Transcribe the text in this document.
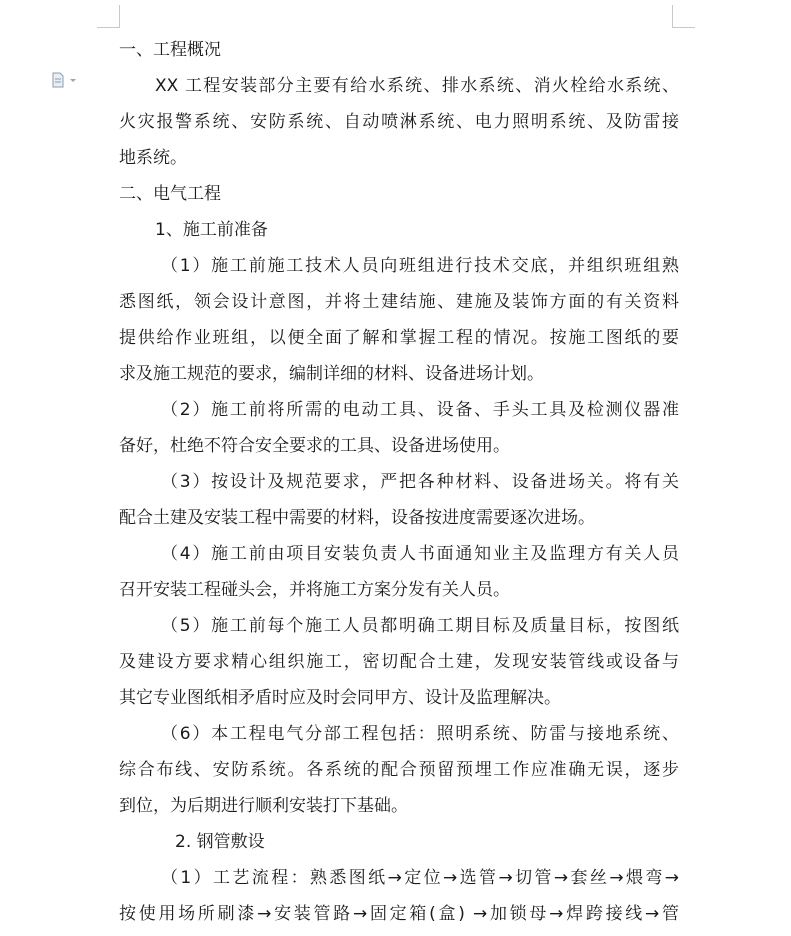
一、工程概况
XX 工程安装部分主要有给水系统、排水系统、消火栓给水系统、
火灾报警系统、安防系统、自动喷淋系统、电力照明系统、及防雷接
地系统。
二、电气工程
1、施工前准备
（1）施工前施工技术人员向班组进行技术交底，并组织班组熟
悉图纸，领会设计意图，并将土建结施、建施及装饰方面的有关资料
提供给作业班组，以便全面了解和掌握工程的情况。按施工图纸的要
求及施工规范的要求，编制详细的材料、设备进场计划。
（2）施工前将所需的电动工具、设备、手头工具及检测仪器准
备好，杜绝不符合安全要求的工具、设备进场使用。
（3）按设计及规范要求，严把各种材料、设备进场关。将有关
配合土建及安装工程中需要的材料，设备按进度需要逐次进场。
（4）施工前由项目安装负责人书面通知业主及监理方有关人员
召开安装工程碰头会，并将施工方案分发有关人员。
（5）施工前每个施工人员都明确工期目标及质量目标，按图纸
及建设方要求精心组织施工，密切配合土建，发现安装管线或设备与
其它专业图纸相矛盾时应及时会同甲方、设计及监理解决。
（6）本工程电气分部工程包括：照明系统、防雷与接地系统、
综合布线、安防系统。各系统的配合预留预埋工作应准确无误，逐步
到位，为后期进行顺利安装打下基础。
2. 钢管敷设
（1）工艺流程：熟悉图纸→定位→选管→切管→套丝→煨弯→
按使用场所刷漆→安装管路→固定箱(盒) →加锁母→焊跨接线→管
